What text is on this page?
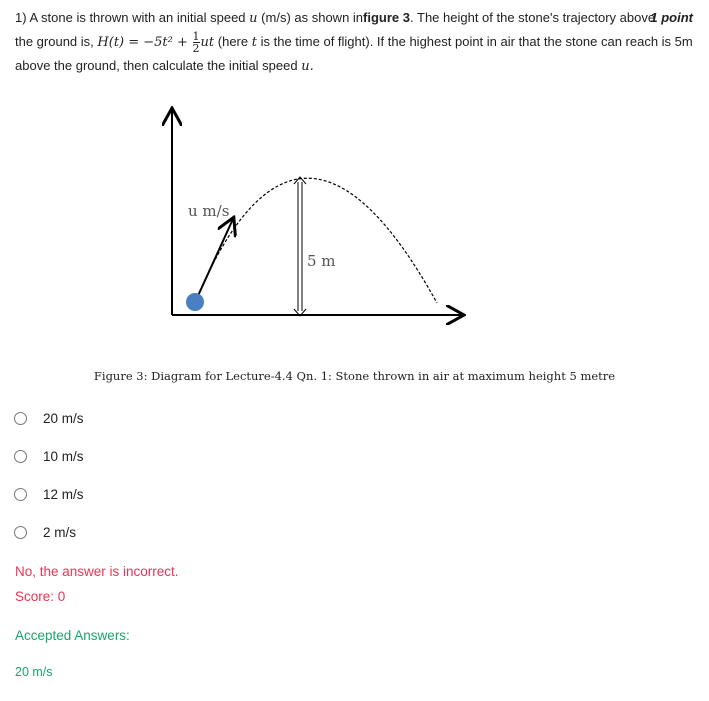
1) A stone is thrown with an initial speed u (m/s) as shown infigure 3. The height of the stone's trajectory above
the ground is, $H(t) = -5t^2 + \frac{1}{2}$ ut (here t is the time of flight). If the highest point in air that the stone can reach is 5m
above the ground, then calculate the initial speed u.
1 point
u m/s
5 m
Figure 3: Diagram for Lecture-4.4 Qn. 1: Stone thrown in air at maximum height 5 metre
20 m/s
10 m/s
12 m/s
2 m/s
No, the answer is incorrect.
Score: 0
Accepted Answers:
20 m/s
